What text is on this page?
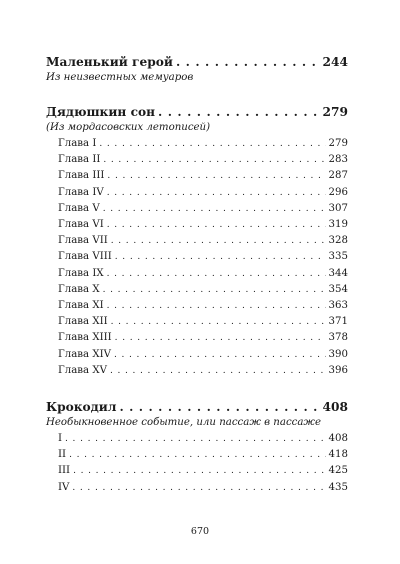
Маленький герой . . .	244
Из неизвестных мемуаров
Дядюшкин сон . . .	279
(Из мордасовских летописей)
Глава I . . .	279
Глава II . . .	283
Глава III . . .	287
Глава IV . . .	296
Глава V . . .	307
Глава VI . . .	319
Глава VII . . .	328
Глава VIII . . .	335
Глава IX . . .	344
Глава X . . .	354
Глава XI . . .	363
Глава XII . . .	371
Глава XIII . . .	378
Глава XIV . . .	390
Глава XV . . .	396
Крокодил . . .	408
Необыкновенное событие, или пассаж в пассаже
I . . .	408
II . . .	418
III . . .	425
IV . . .	435
670
